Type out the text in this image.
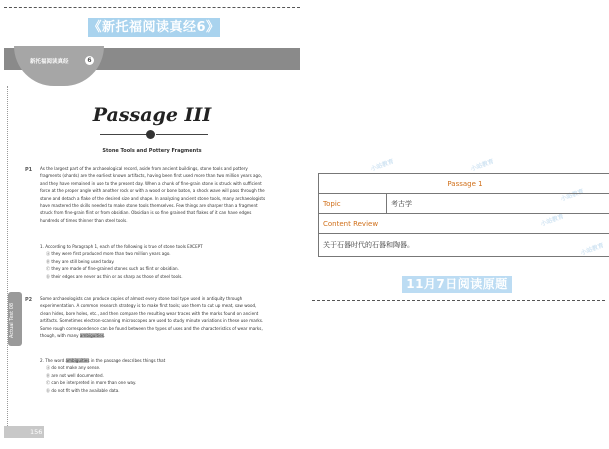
《新托福阅读真经6》
新托福阅读真经	6
Actual Test 08
Passage III
Stone Tools and Pottery Fragments
P1 As the largest part of the archaeological record, aside from ancient buildings, stone tools and pottery fragments (shards) are the earliest known artifacts, having been first used more than two million years ago, and they have remained in use to the present day. When a chunk of fine-grain stone is struck with sufficient force at the proper angle with another rock or with a wood or bone baton, a shock wave will pass through the stone and detach a flake of the desired size and shape. In analyzing ancient stone tools, many archaeologists have mastered the skills needed to make stone tools themselves. Few things are sharper than a fragment struck from fine-grain flint or from obsidian. Obsidian is so fine grained that flakes of it can have edges hundreds of times thinner than steel tools.
1. According to Paragraph 1, each of the following is true of stone tools EXCEPT
Ⓐ they were first produced more than two million years ago.
Ⓑ they are still being used today.
Ⓒ they are made of fine-grained stones such as flint or obsidian.
Ⓓ their edges are never as thin or as sharp as those of steel tools.
P2 Some archaeologists can produce copies of almost every stone tool type used in antiquity through experimentation. A common research strategy is to make first tools; use them to cut up meat, saw wood, clean hides, bore holes, etc., and then compare the resulting wear traces with the marks found on ancient artifacts. Sometimes electron-scanning microscopes are used to study minute variations in these use marks. Some rough correspondence can be found between the types of uses and the characteristics of wear marks, though, with many ambiguities.
2. The word ambiguities in the passage describes things that
Ⓐ do not make any sense.
Ⓑ are not well documented.
Ⓒ can be interpreted in more than one way.
Ⓓ do not fit with the available data.
156
小站教育	小站教育
小站教育
小站教育
小站教育
Passage 1
Topic	考古学
Content Review
关于石器时代的石器和陶器。
11月7日阅读原题
